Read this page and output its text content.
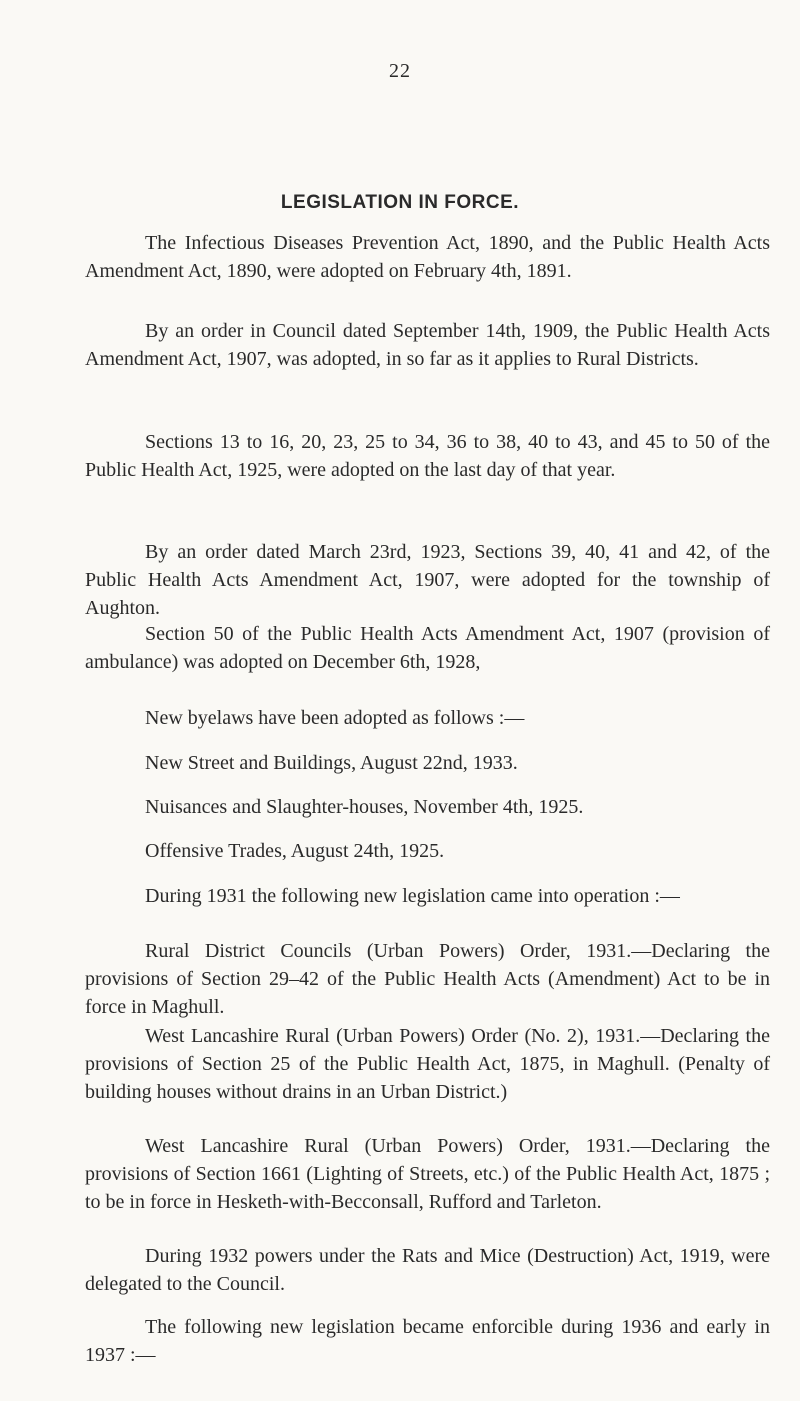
22
LEGISLATION IN FORCE.

The Infectious Diseases Prevention Act, 1890, and the Public Health Acts Amendment Act, 1890, were adopted on February 4th, 1891.

By an order in Council dated September 14th, 1909, the Public Health Acts Amendment Act, 1907, was adopted, in so far as it applies to Rural Districts.

Sections 13 to 16, 20, 23, 25 to 34, 36 to 38, 40 to 43, and 45 to 50 of the Public Health Act, 1925, were adopted on the last day of that year.

By an order dated March 23rd, 1923, Sections 39, 40, 41 and 42, of the Public Health Acts Amendment Act, 1907, were adopted for the township of Aughton.

Section 50 of the Public Health Acts Amendment Act, 1907 (provision of ambulance) was adopted on December 6th, 1928,

New byelaws have been adopted as follows :—

New Street and Buildings, August 22nd, 1933.

Nuisances and Slaughter-houses, November 4th, 1925.

Offensive Trades, August 24th, 1925.

During 1931 the following new legislation came into operation :—

Rural District Councils (Urban Powers) Order, 1931.—Declaring the provisions of Section 29–42 of the Public Health Acts (Amendment) Act to be in force in Maghull.

West Lancashire Rural (Urban Powers) Order (No. 2), 1931.—Declaring the provisions of Section 25 of the Public Health Act, 1875, in Maghull. (Penalty of building houses without drains in an Urban District.)

West Lancashire Rural (Urban Powers) Order, 1931.—Declaring the provisions of Section 1661 (Lighting of Streets, etc.) of the Public Health Act, 1875 ; to be in force in Hesketh-with-Becconsall, Rufford and Tarleton.

During 1932 powers under the Rats and Mice (Destruction) Act, 1919, were delegated to the Council.

The following new legislation became enforcible during 1936 and early in 1937 :—
